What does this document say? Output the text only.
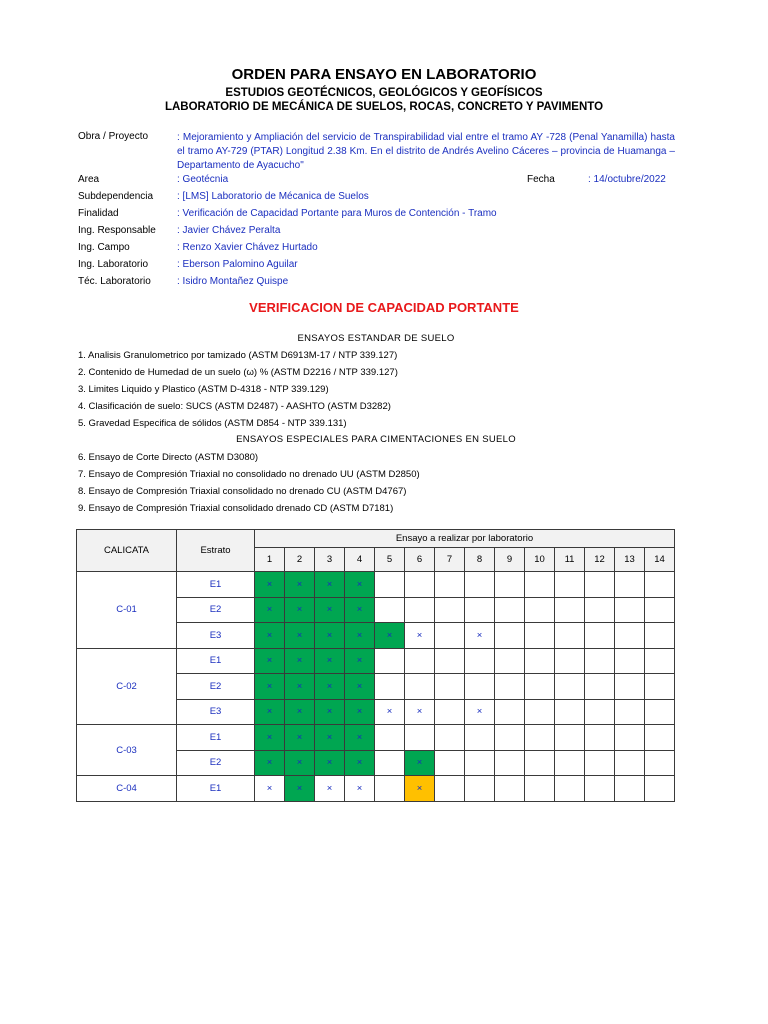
ORDEN PARA ENSAYO EN LABORATORIO
ESTUDIOS GEOTÉCNICOS, GEOLÓGICOS Y GEOFÍSICOS
LABORATORIO DE MECÁNICA DE SUELOS, ROCAS, CONCRETO Y PAVIMENTO
Obra / Proyecto	: Mejoramiento y Ampliación del servicio de Transpirabilidad vial entre el tramo AY -728 (Penal Yanamilla) hasta el tramo AY-729 (PTAR) Longitud 2.38 Km. En el distrito de Andrés Avelino Cáceres – provincia de Huamanga – Departamento de Ayacucho"
Area	: Geotécnia	Fecha	: 14/octubre/2022
Subdependencia : [LMS] Laboratorio de Mécanica de Suelos
Finalidad	: Verificación de Capacidad Portante para Muros de Contención - Tramo
Ing. Responsable : Javier Chávez Peralta
Ing. Campo	: Renzo Xavier Chávez Hurtado
Ing. Laboratorio	: Eberson Palomino Aguilar
Téc. Laboratorio	: Isidro Montañez Quispe
VERIFICACION DE CAPACIDAD PORTANTE
ENSAYOS ESTANDAR DE SUELO
1. Analisis Granulometrico por tamizado (ASTM D6913M-17 / NTP 339.127)
2. Contenido de Humedad de un suelo (ω) % (ASTM D2216 / NTP 339.127)
3. Limites Liquido y Plastico (ASTM D-4318 - NTP 339.129)
4. Clasificación de suelo: SUCS (ASTM D2487) - AASHTO (ASTM D3282)
5. Gravedad Especifica de sólidos (ASTM D854 - NTP 339.131)
ENSAYOS ESPECIALES PARA CIMENTACIONES EN SUELO
6. Ensayo de Corte Directo (ASTM D3080)
7. Ensayo de Compresión Triaxial no consolidado no drenado UU (ASTM D2850)
8. Ensayo de Compresión Triaxial consolidado no drenado CU (ASTM D4767)
9. Ensayo de Compresión Triaxial consolidado drenado CD (ASTM D7181)
CALICATA	Estrato	Ensayo a realizar por laboratorio													
		1	2	3	4	5	6	7	8	9	10	11	12	13	14
C-01	E1	×	×	×	×										
	E2	×	×	×	×										
	E3	×	×	×	×	×	×		×						
C-02	E1	×	×	×	×										
	E2	×	×	×	×										
	E3	×	×	×	×	×	×		×						
C-03	E1	×	×	×	×										
	E2	×	×	×	×		×								
C-04	E1	×	×	×	×		×								
